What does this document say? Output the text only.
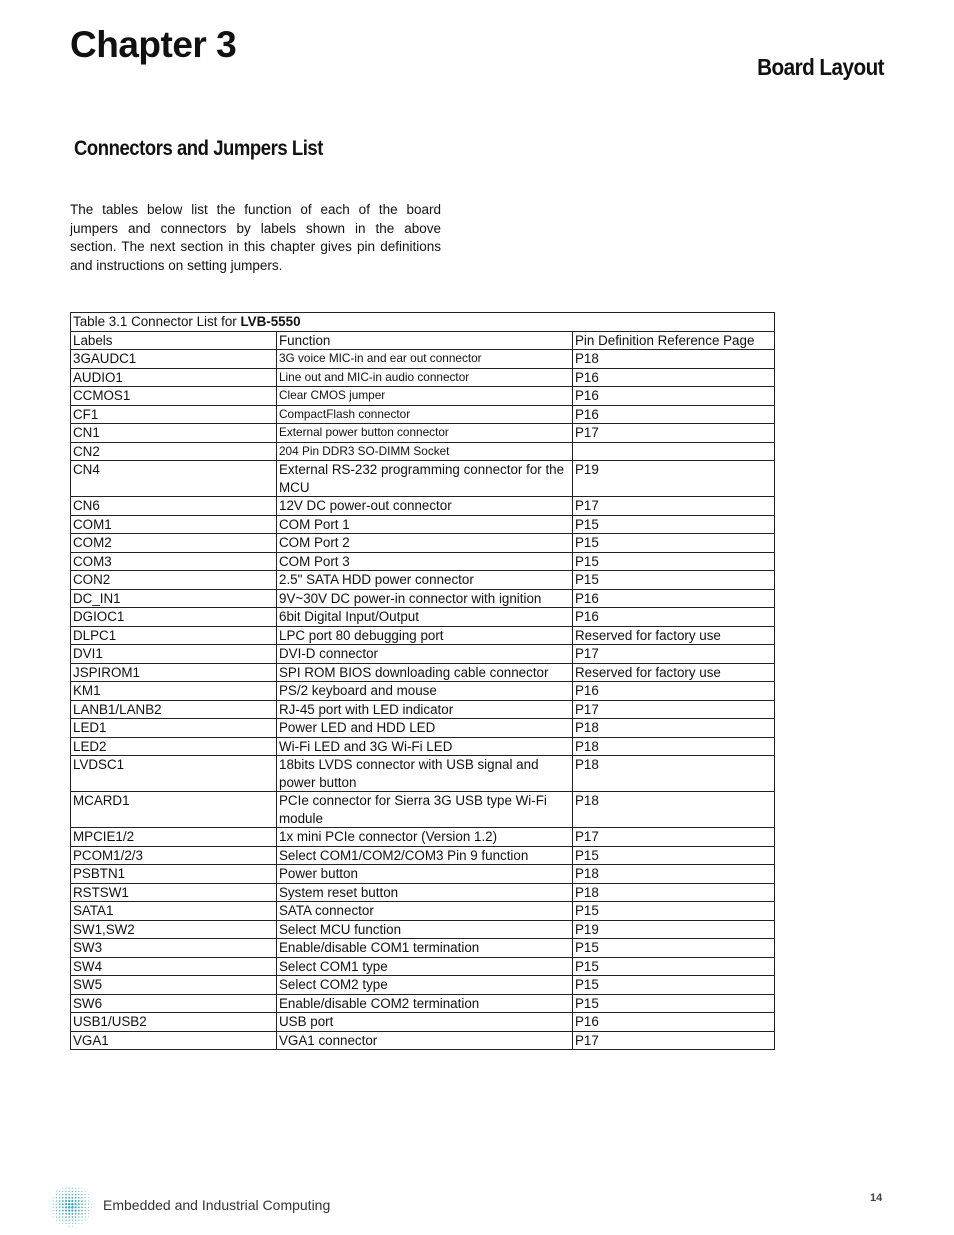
Chapter 3
Board Layout
Connectors and Jumpers List

The tables below list the function of each of the board jumpers and connectors by labels shown in the above section. The next section in this chapter gives pin definitions and instructions on setting jumpers.

Table 3.1 Connector List for LVB-5550		
Labels	Function	Pin Definition Reference Page
3GAUDC1	3G voice MIC-in and ear out connector	P18
AUDIO1	Line out and MIC-in audio connector	P16
CCMOS1	Clear CMOS jumper	P16
CF1	CompactFlash connector	P16
CN1	External power button connector	P17
CN2	204 Pin DDR3 SO-DIMM Socket	
CN4	External RS-232 programming connector for the MCU	P19
CN6	12V DC power-out connector	P17
COM1	COM Port 1	P15
COM2	COM Port 2	P15
COM3	COM Port 3	P15
CON2	2.5" SATA HDD power connector	P15
DC_IN1	9V~30V DC power-in connector with ignition	P16
DGIOC1	6bit Digital Input/Output	P16
DLPC1	LPC port 80 debugging port	Reserved for factory use
DVI1	DVI-D connector	P17
JSPIROM1	SPI ROM BIOS downloading cable connector	Reserved for factory use
KM1	PS/2 keyboard and mouse	P16
LANB1/LANB2	RJ-45 port with LED indicator	P17
LED1	Power LED and HDD LED	P18
LED2	Wi-Fi LED and 3G Wi-Fi LED	P18
LVDSC1	18bits LVDS connector with USB signal and power button	P18
MCARD1	PCIe connector for Sierra 3G USB type Wi-Fi module	P18
MPCIE1/2	1x mini PCIe connector (Version 1.2)	P17
PCOM1/2/3	Select COM1/COM2/COM3 Pin 9 function	P15
PSBTN1	Power button	P18
RSTSW1	System reset button	P18
SATA1	SATA connector	P15
SW1,SW2	Select MCU function	P19
SW3	Enable/disable COM1 termination	P15
SW4	Select COM1 type	P15
SW5	Select COM2 type	P15
SW6	Enable/disable COM2 termination	P15
USB1/USB2	USB port	P16
VGA1	VGA1 connector	P17
Embedded and Industrial Computing	14
